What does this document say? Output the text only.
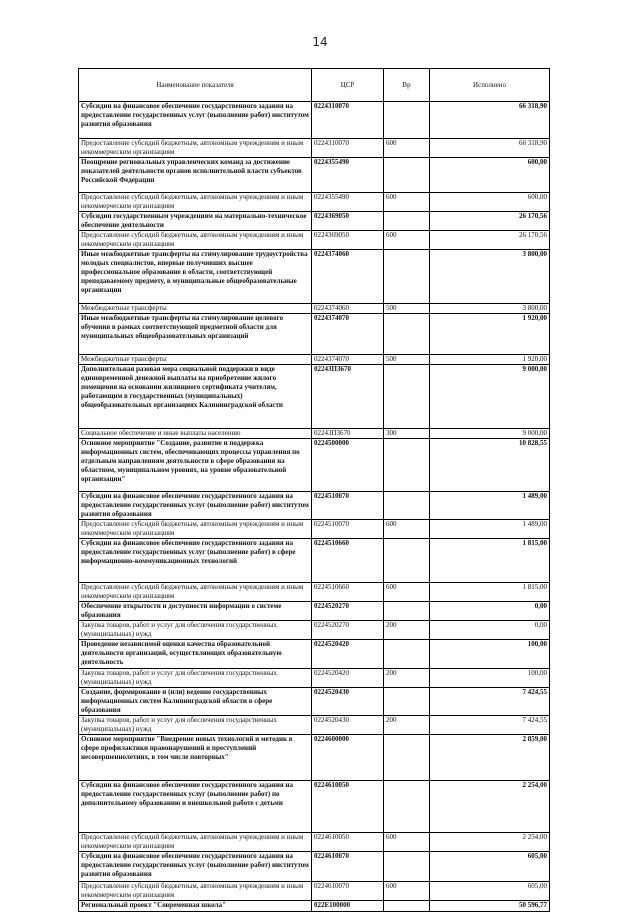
14
Наименование показателя	ЦСР	Вр	Исполнено
Субсидии на финансовое обеспечение государственного задания на предоставление государственных услуг (выполнение работ) институтом развития образования	0224310070		66 318,90
Предоставление субсидий бюджетным, автономным учреждениям и иным некоммерческим организациям	0224310070	600	66 318,90
Поощрение региональных управленческих команд за достижение показателей деятельности органов исполнительной власти субъектов Российской Федерации	0224355490		600,00
Предоставление субсидий бюджетным, автономным учреждениям и иным некоммерческим организациям	0224355490	600	600,00
Субсидии государственным учреждениям на материально-техническое обеспечение деятельности	0224369050		26 170,56
Предоставление субсидий бюджетным, автономным учреждениям и иным некоммерческим организациям	0224369050	600	26 170,56
Иные межбюджетные трансферты на стимулирование трудоустройства молодых специалистов, впервые получивших высшее профессиональное образование в области, соответствующей преподаваемому предмету, в муниципальные общеобразовательные организации	0224374060		3 800,00
Межбюджетные трансферты	0224374060	500	3 800,00
Иные межбюджетные трансферты на стимулирование целевого обучения в рамках соответствующей предметной области для муниципальных общеобразовательных организаций	0224374070		1 920,00
Межбюджетные трансферты	0224374070	500	1 920,00
Дополнительная разовая мера социальной поддержки в виде единовременной денежной выплаты на приобретение жилого помещения на основании жилищного сертификата учителям, работающим в государственных (муниципальных) общеобразовательных организациях Калининградской области	02243П3670		9 000,00
Социальное обеспечение и иные выплаты населению	02243П3670	300	9 000,00
Основное мероприятие "Создание, развитие и поддержка информационных систем, обеспечивающих процессы управления по отдельным направлениям деятельности в сфере образования на областном, муниципальном уровнях, на уровне образовательной организации"	0224500000		10 828,55
Субсидии на финансовое обеспечение государственного задания на предоставление государственных услуг (выполнение работ) институтом развития образования	0224510070		1 489,00
Предоставление субсидий бюджетным, автономным учреждениям и иным некоммерческим организациям	0224510070	600	1 489,00
Субсидии на финансовое обеспечение государственного задания на предоставление государственных услуг (выполнение работ) в сфере информационно-коммуникационных технологий	0224510660		1 815,00
Предоставление субсидий бюджетным, автономным учреждениям и иным некоммерческим организациям	0224510660	600	1 815,00
Обеспечение открытости и доступности информации о системе образования	0224520270		0,00
Закупка товаров, работ и услуг для обеспечения государственных (муниципальных) нужд	0224520270	200	0,00
Проведение независимой оценки качества образовательной деятельности организаций, осуществляющих образовательную деятельность	0224520420		100,00
Закупка товаров, работ и услуг для обеспечения государственных (муниципальных) нужд	0224520420	200	100,00
Создание, формирование и (или) ведение государственных информационных систем Калининградской области в сфере образования	0224520430		7 424,55
Закупка товаров, работ и услуг для обеспечения государственных (муниципальных) нужд	0224520430	200	7 424,55
Основное мероприятие "Внедрение новых технологий и методик в сфере профилактики правонарушений и преступлений несовершеннолетних, в том числе повторных"	0224600000		2 859,00
Субсидии на финансовое обеспечение государственного задания на предоставление государственных услуг (выполнение работ) по дополнительному образованию и внешкольной работе с детьми	0224610050		2 254,00
Предоставление субсидий бюджетным, автономным учреждениям и иным некоммерческим организациям	0224610050	600	2 254,00
Субсидии на финансовое обеспечение государственного задания на предоставление государственных услуг (выполнение работ) институтом развития образования	0224610070		605,00
Предоставление субсидий бюджетным, автономным учреждениям и иным некоммерческим организациям	0224610070	600	605,00
Региональный проект "Современная школа"	022Е100000		50 596,77
